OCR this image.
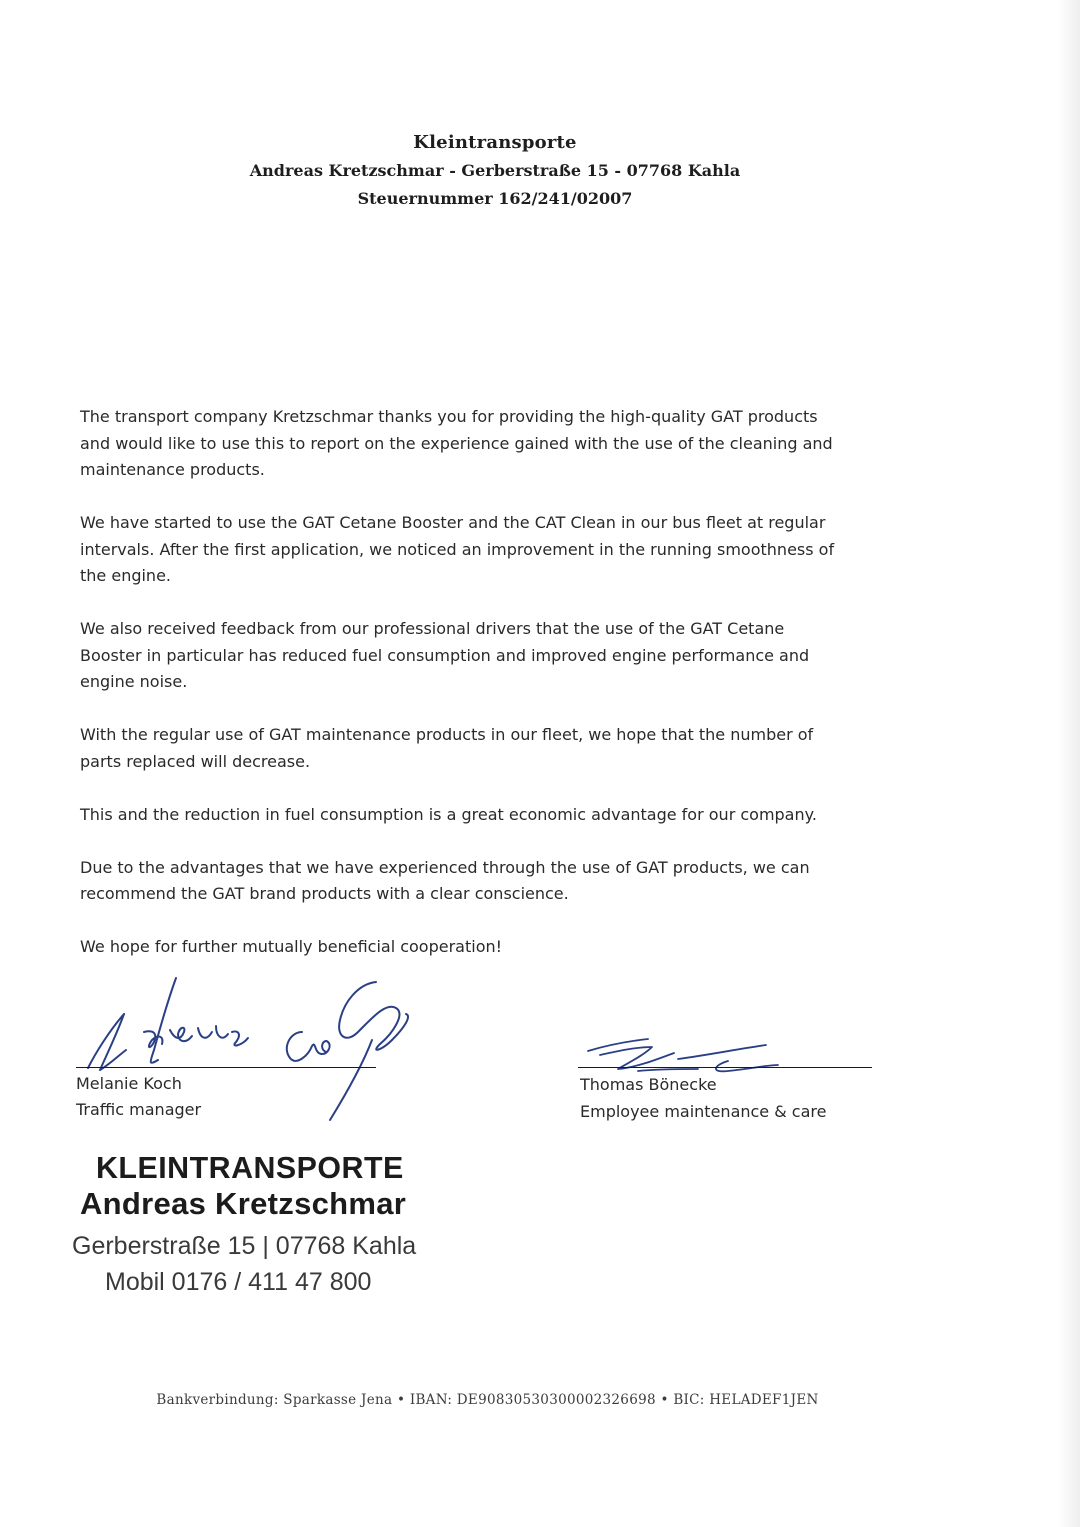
Kleintransporte
Andreas Kretzschmar - Gerberstraße 15 - 07768 Kahla
Steuernummer 162/241/02007

The transport company Kretzschmar thanks you for providing the high-quality GAT products and would like to use this to report on the experience gained with the use of the cleaning and maintenance products.

We have started to use the GAT Cetane Booster and the CAT Clean in our bus fleet at regular intervals. After the first application, we noticed an improvement in the running smoothness of the engine.

We also received feedback from our professional drivers that the use of the GAT Cetane Booster in particular has reduced fuel consumption and improved engine performance and engine noise.

With the regular use of GAT maintenance products in our fleet, we hope that the number of parts replaced will decrease.

This and the reduction in fuel consumption is a great economic advantage for our company.

Due to the advantages that we have experienced through the use of GAT products, we can recommend the GAT brand products with a clear conscience.

We hope for further mutually beneficial cooperation!

Melanie Koch
Traffic manager
Thomas Bönecke
Employee maintenance & care
KLEINTRANSPORTE
Andreas Kretzschmar
Gerberstraße 15 | 07768 Kahla
Mobil 0176 / 411 47 800
Bankverbindung: Sparkasse Jena • IBAN: DE90830530300002326698 • BIC: HELADEF1JEN
